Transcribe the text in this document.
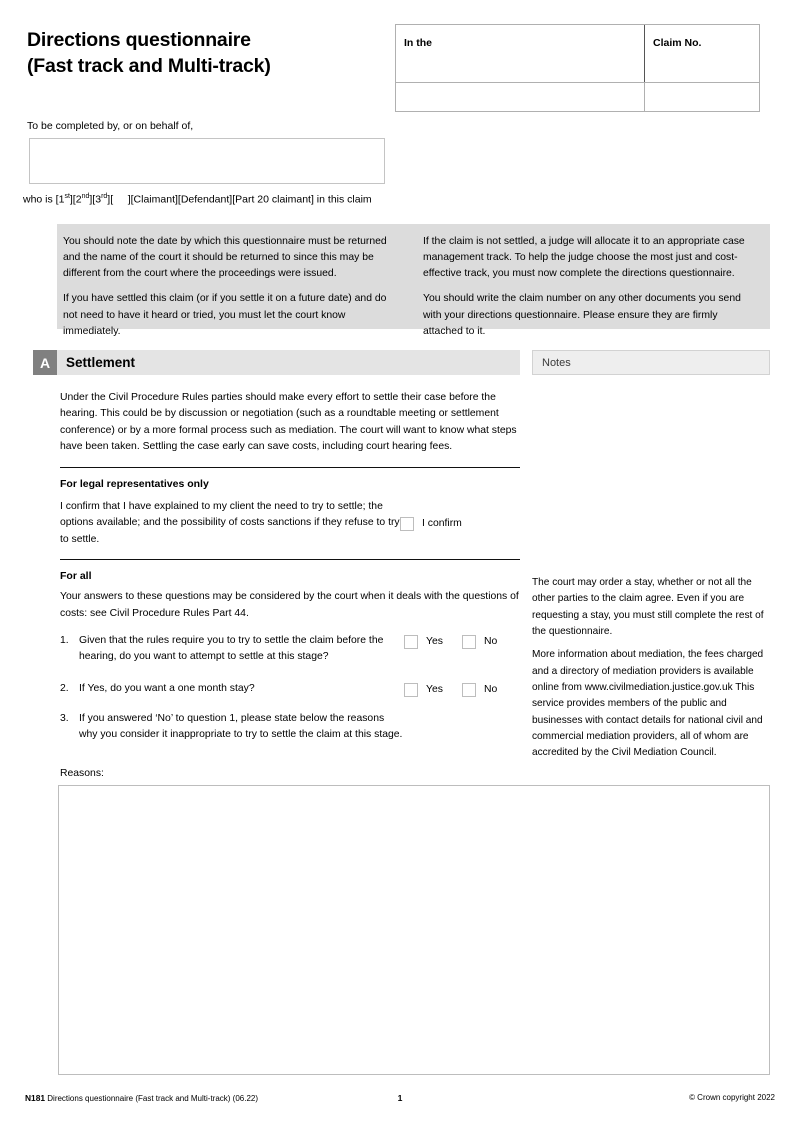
Directions questionnaire
(Fast track and Multi-track)
In the	Claim No.
To be completed by, or on behalf of,
who is [1st][2nd][3rd][     ][Claimant][Defendant][Part 20 claimant] in this claim

You should note the date by which this questionnaire must be returned and the name of the court it should be returned to since this may be different from the court where the proceedings were issued.

If you have settled this claim (or if you settle it on a future date) and do not need to have it heard or tried, you must let the court know immediately.

If the claim is not settled, a judge will allocate it to an appropriate case management track. To help the judge choose the most just and cost-effective track, you must now complete the directions questionnaire.

You should write the claim number on any other documents you send with your directions questionnaire. Please ensure they are firmly attached to it.

A	Settlement	Notes
Under the Civil Procedure Rules parties should make every effort to settle their case before the hearing. This could be by discussion or negotiation (such as a roundtable meeting or settlement conference) or by a more formal process such as mediation. The court will want to know what steps have been taken. Settling the case early can save costs, including court hearing fees.
For legal representatives only
I confirm that I have explained to my client the need to try to settle; the options available; and the possibility of costs sanctions if they refuse to try to settle.
I confirm
For all
Your answers to these questions may be considered by the court when it deals with the questions of costs: see Civil Procedure Rules Part 44.
1. Given that the rules require you to try to settle the claim before the hearing, do you want to attempt to settle at this stage?
Yes	No
2. If Yes, do you want a one month stay?	Yes	No
3. If you answered ‘No’ to question 1, please state below the reasons why you consider it inappropriate to try to settle the claim at this stage.
Reasons:

The court may order a stay, whether or not all the other parties to the claim agree. Even if you are requesting a stay, you must still complete the rest of the questionnaire.

More information about mediation, the fees charged and a directory of mediation providers is available online from www.civilmediation.justice.gov.uk This service provides members of the public and businesses with contact details for national civil and commercial mediation providers, all of whom are accredited by the Civil Mediation Council.

N181 Directions questionnaire (Fast track and Multi-track) (06.22)	1	© Crown copyright 2022
